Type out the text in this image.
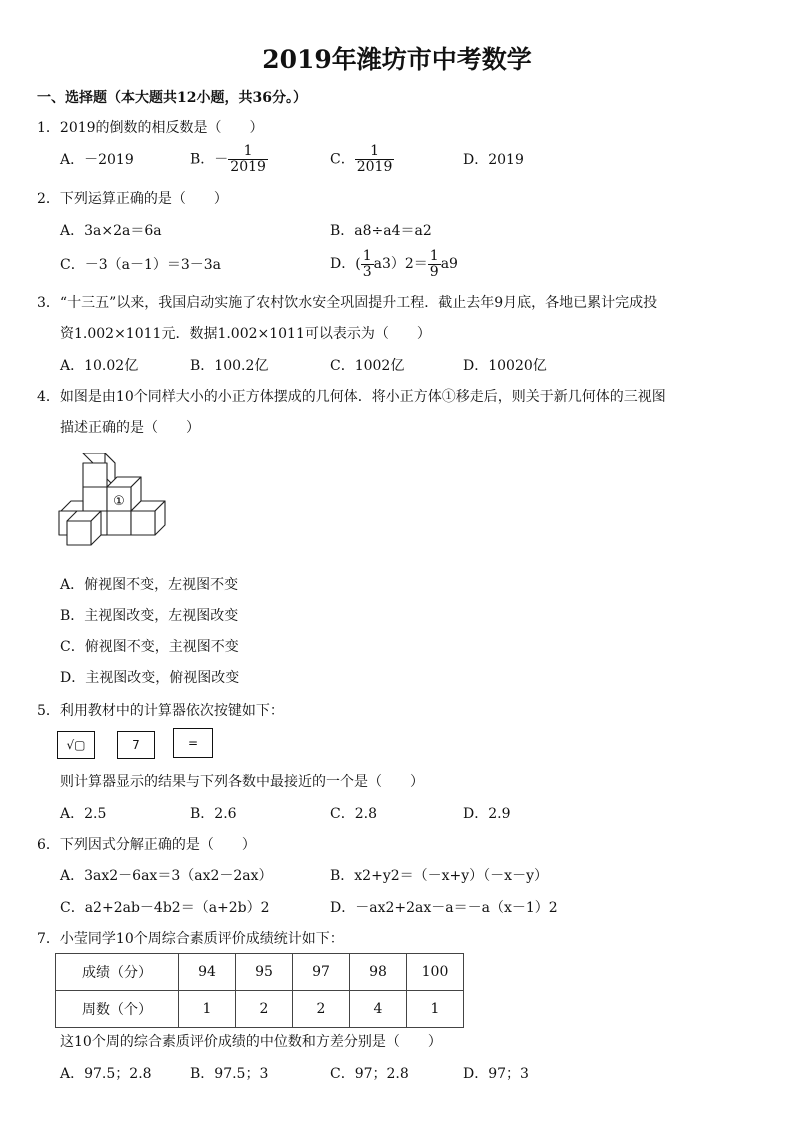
2019年潍坊市中考数学
一、选择题（本大题共12小题，共36分。）
1．2019的倒数的相反数是（　　）
A．－2019	B．－ $\frac{1}{2019}$	C． $\frac{1}{2019}$	D．2019
2．下列运算正确的是（　　）
A．3a×2a＝6a	B．a8÷a4＝a2
C．－3（a－1）＝3－3a	D．( $\frac{1}{3} a3)2= \frac{1}{9} a9$
3．“十三五”以来，我国启动实施了农村饮水安全巩固提升工程．截止去年9月底，各地已累计完成投
资1.002×1011元．数据1.002×1011可以表示为（　　）
A．10.02亿	B．100.2亿	C．1002亿	D．10020亿
4．如图是由10个同样大小的小正方体摆成的几何体．将小正方体①移走后，则关于新几何体的三视图
描述正确的是（　　）
①
A．俯视图不变，左视图不变
B．主视图改变，左视图改变
C．俯视图不变，主视图不变
D．主视图改变，俯视图改变
5．利用教材中的计算器依次按键如下：
√▢	7	=
则计算器显示的结果与下列各数中最接近的一个是（　　）
A．2.5	B．2.6	C．2.8	D．2.9
6．下列因式分解正确的是（　　）
A．3ax2－6ax＝3（ax2－2ax）	B．x2+y2＝（－x+y）（－x－y）
C．a2+2ab－4b2＝（a+2b）2	D．－ax2+2ax－a＝－a（x－1）2
7．小莹同学10个周综合素质评价成绩统计如下：
成绩（分）	94	95	97	98	100
周数（个）	1	2	2	4	1
这10个周的综合素质评价成绩的中位数和方差分别是（　　）
A．97.5；2.8	B．97.5；3	C．97；2.8	D．97；3
